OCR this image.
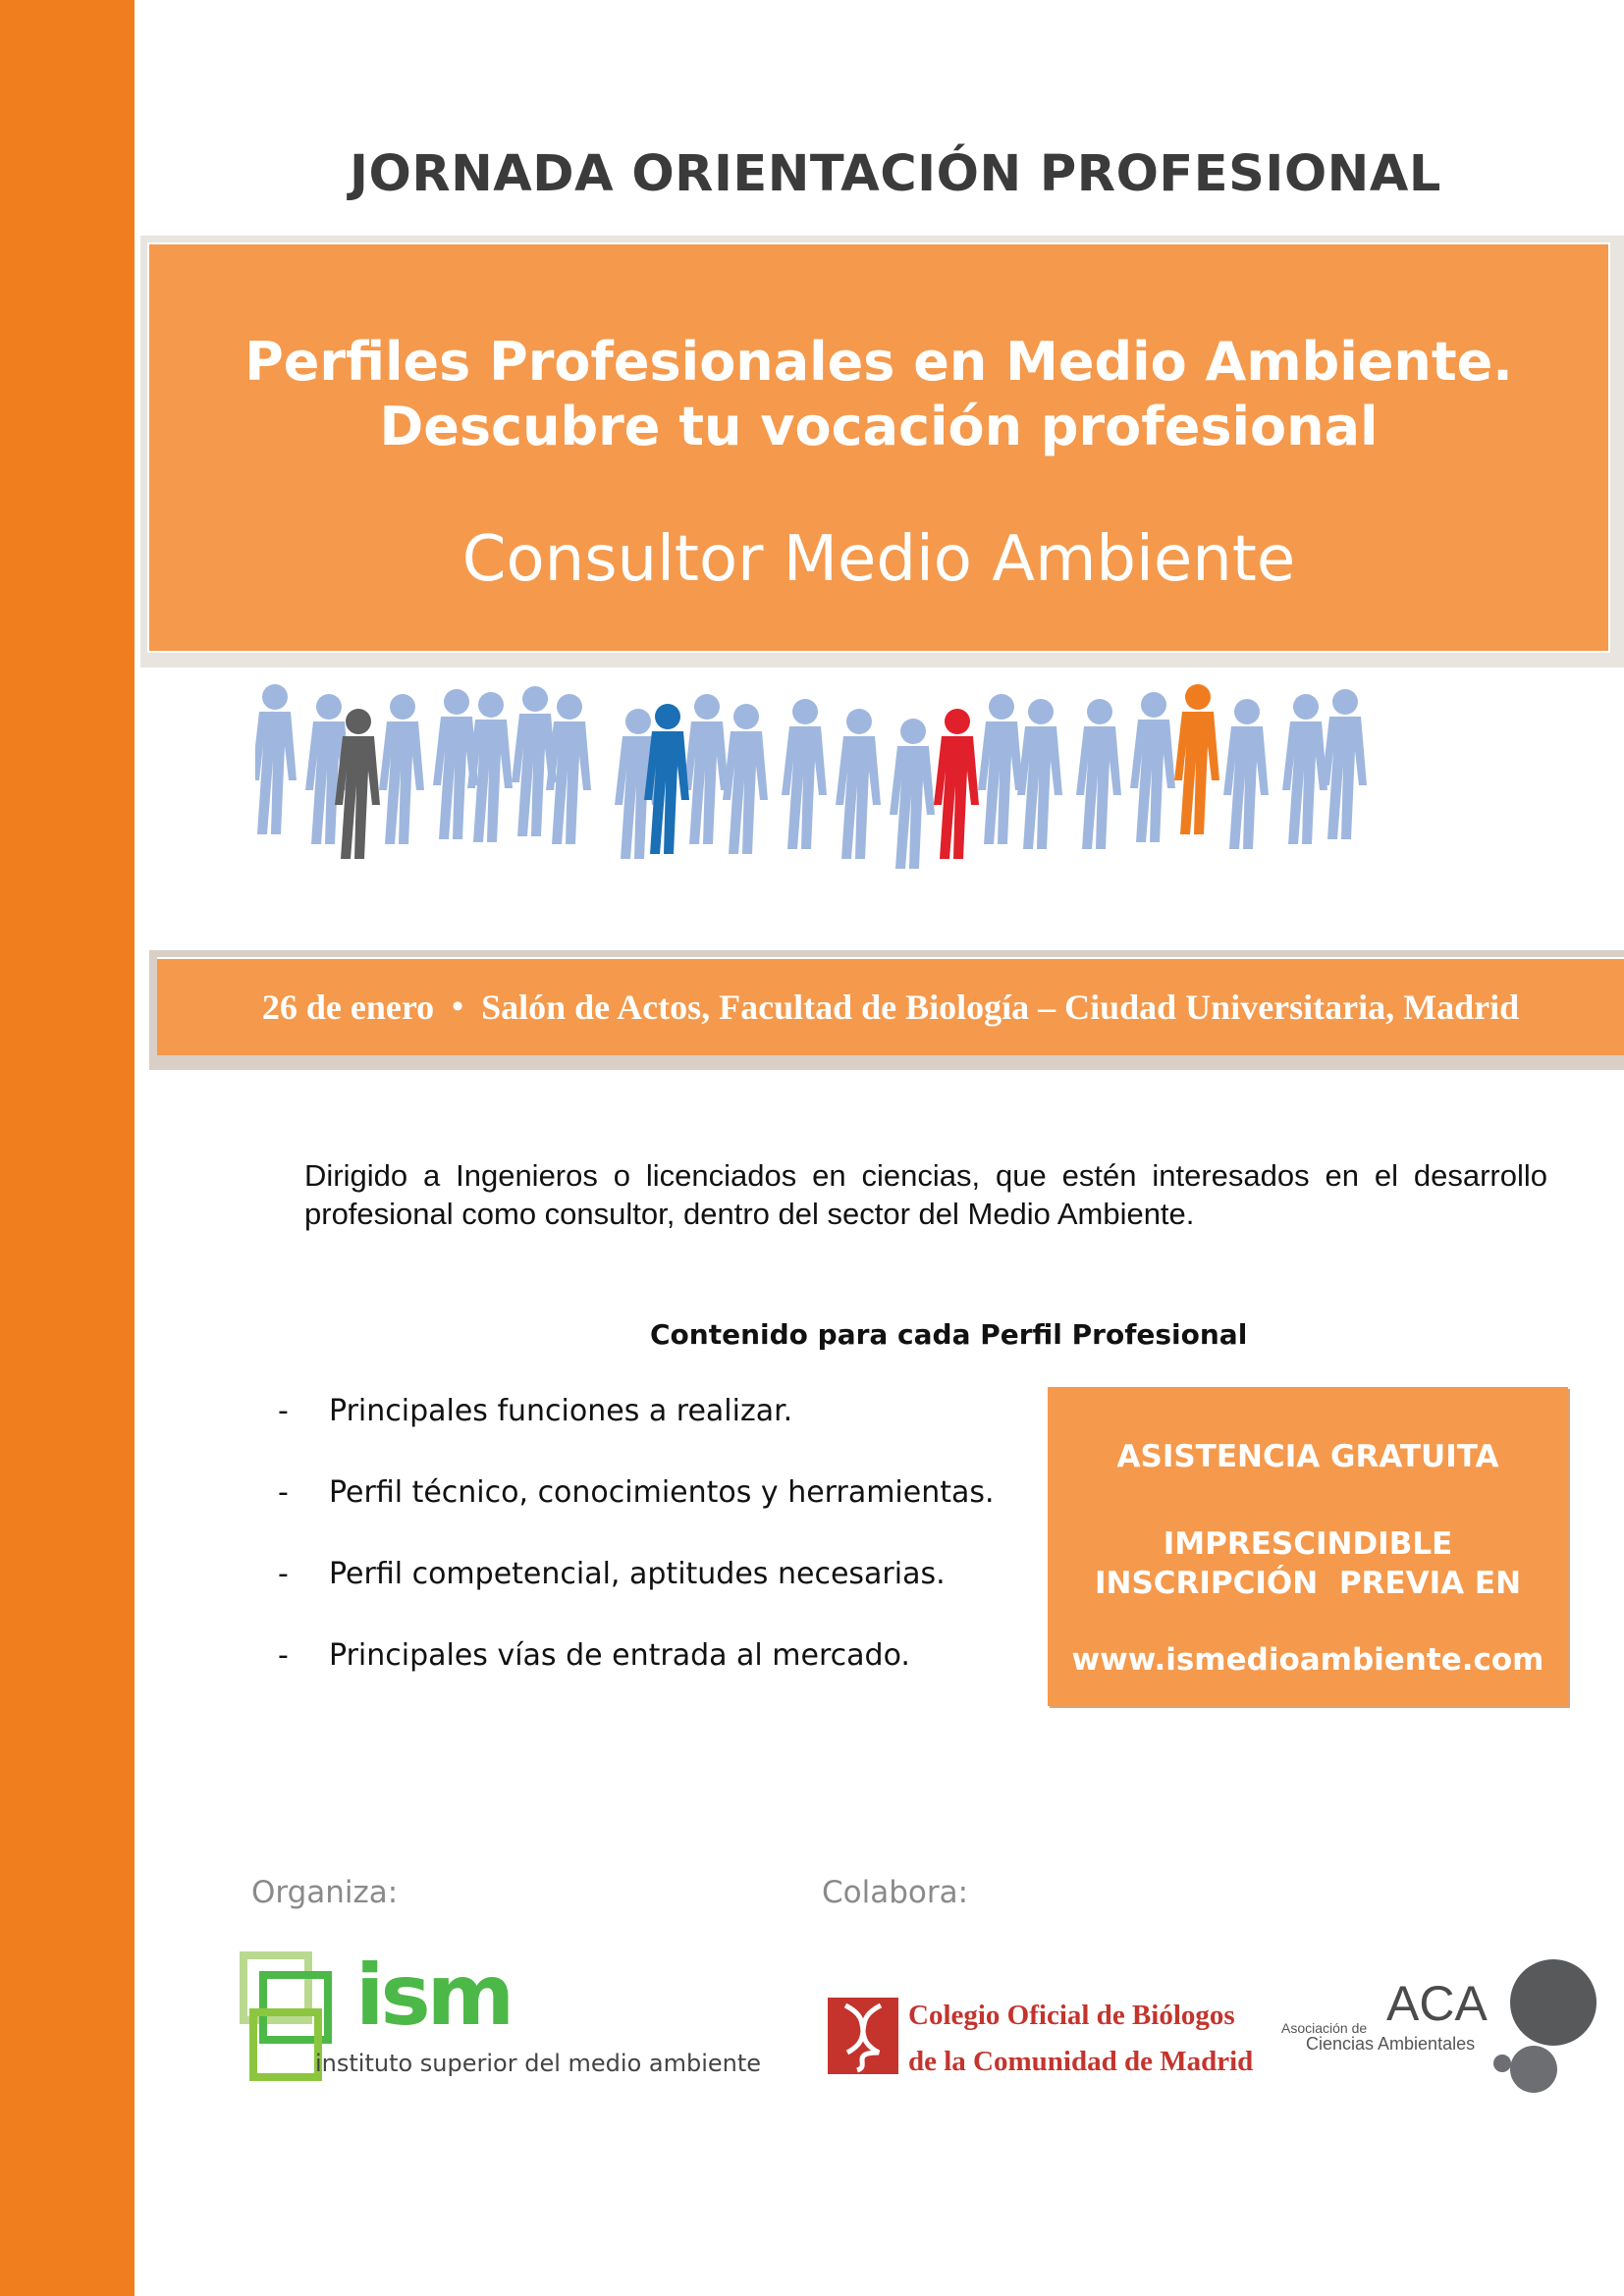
JORNADA ORIENTACIÓN PROFESIONAL
Perfiles Profesionales en Medio Ambiente.
Descubre tu vocación profesional
Consultor Medio Ambiente
26 de enero • Salón de Actos, Facultad de Biología – Ciudad Universitaria, Madrid
Dirigido a Ingenieros o licenciados en ciencias, que estén interesados en el desarrollo profesional como consultor, dentro del sector del Medio Ambiente.
Contenido para cada Perfil Profesional
-	Principales funciones a realizar.
-	Perfil técnico, conocimientos y herramientas.
-	Perfil competencial, aptitudes necesarias.
-	Principales vías de entrada al mercado.
ASISTENCIA GRATUITA
IMPRESCINDIBLE
INSCRIPCIÓN  PREVIA EN
www.ismedioambiente.com
Organiza:	Colabora:
ism
instituto superior del medio ambiente
Colegio Oficial de Biólogos
de la Comunidad de Madrid
ACA
Asociación de
Ciencias Ambientales
